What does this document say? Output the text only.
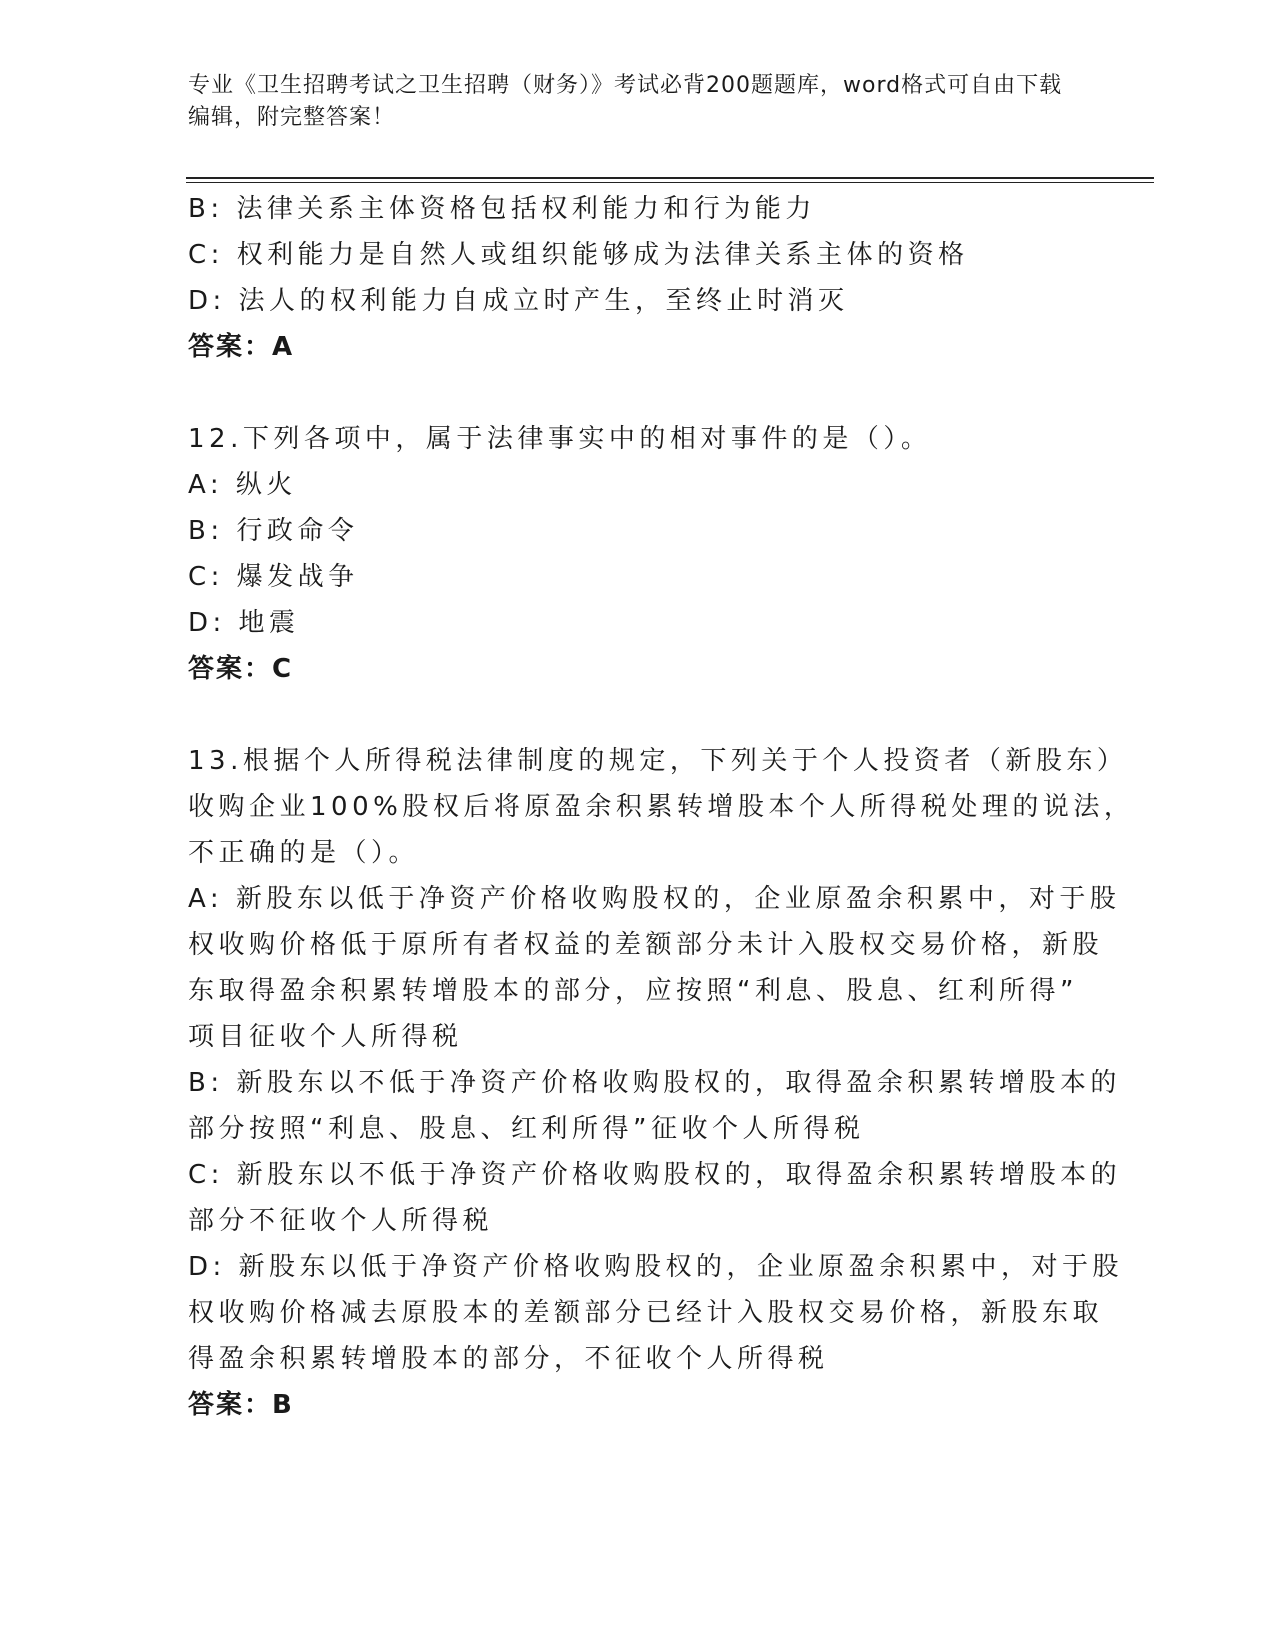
专业《卫生招聘考试之卫生招聘（财务）》考试必背200题题库，word格式可自由下载编辑，附完整答案！
B: 法律关系主体资格包括权利能力和行为能力
C: 权利能力是自然人或组织能够成为法律关系主体的资格
D: 法人的权利能力自成立时产生，至终止时消灭
答案：A
12.下列各项中，属于法律事实中的相对事件的是（）。
A: 纵火
B: 行政命令
C: 爆发战争
D: 地震
答案：C
13.根据个人所得税法律制度的规定，下列关于个人投资者（新股东）
收购企业100%股权后将原盈余积累转增股本个人所得税处理的说法，
不正确的是（）。
A: 新股东以低于净资产价格收购股权的，企业原盈余积累中，对于股
权收购价格低于原所有者权益的差额部分未计入股权交易价格，新股
东取得盈余积累转增股本的部分，应按照“利息、股息、红利所得”
项目征收个人所得税
B: 新股东以不低于净资产价格收购股权的，取得盈余积累转增股本的
部分按照“利息、股息、红利所得”征收个人所得税
C: 新股东以不低于净资产价格收购股权的，取得盈余积累转增股本的
部分不征收个人所得税
D: 新股东以低于净资产价格收购股权的，企业原盈余积累中，对于股
权收购价格减去原股本的差额部分已经计入股权交易价格，新股东取
得盈余积累转增股本的部分，不征收个人所得税
答案：B
